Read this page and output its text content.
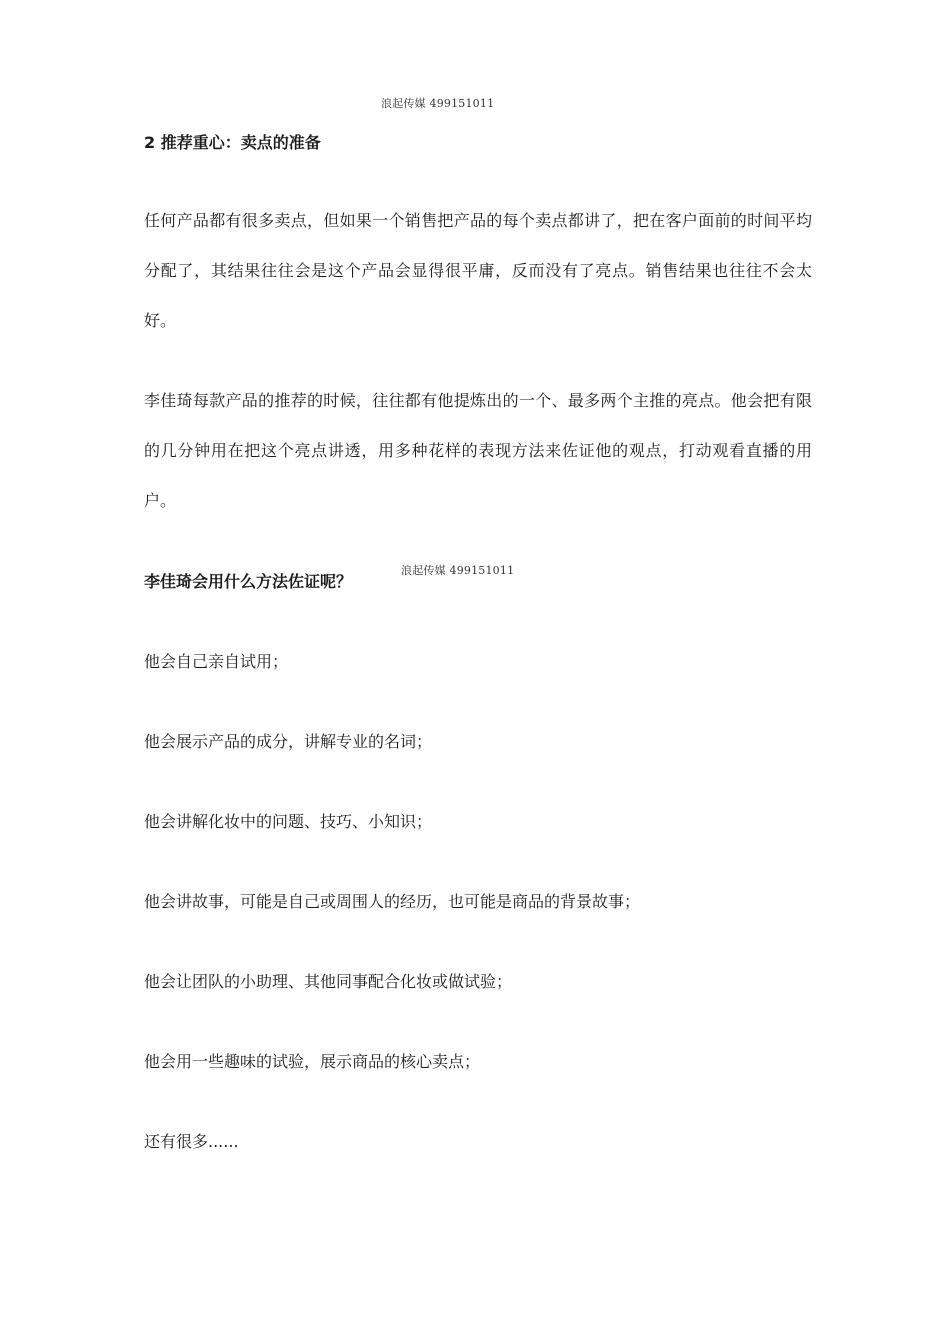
浪起传媒 499151011
2 推荐重心：卖点的准备

任何产品都有很多卖点，但如果一个销售把产品的每个卖点都讲了，把在客户面前的时间平均分配了，其结果往往会是这个产品会显得很平庸，反而没有了亮点。销售结果也往往不会太好。

李佳琦每款产品的推荐的时候，往往都有他提炼出的一个、最多两个主推的亮点。他会把有限的几分钟用在把这个亮点讲透，用多种花样的表现方法来佐证他的观点，打动观看直播的用户。

浪起传媒 499151011
李佳琦会用什么方法佐证呢？
他会自己亲自试用；
他会展示产品的成分，讲解专业的名词；
他会讲解化妆中的问题、技巧、小知识；
他会讲故事，可能是自己或周围人的经历，也可能是商品的背景故事；
他会让团队的小助理、其他同事配合化妆或做试验；
他会用一些趣味的试验，展示商品的核心卖点；
还有很多......
